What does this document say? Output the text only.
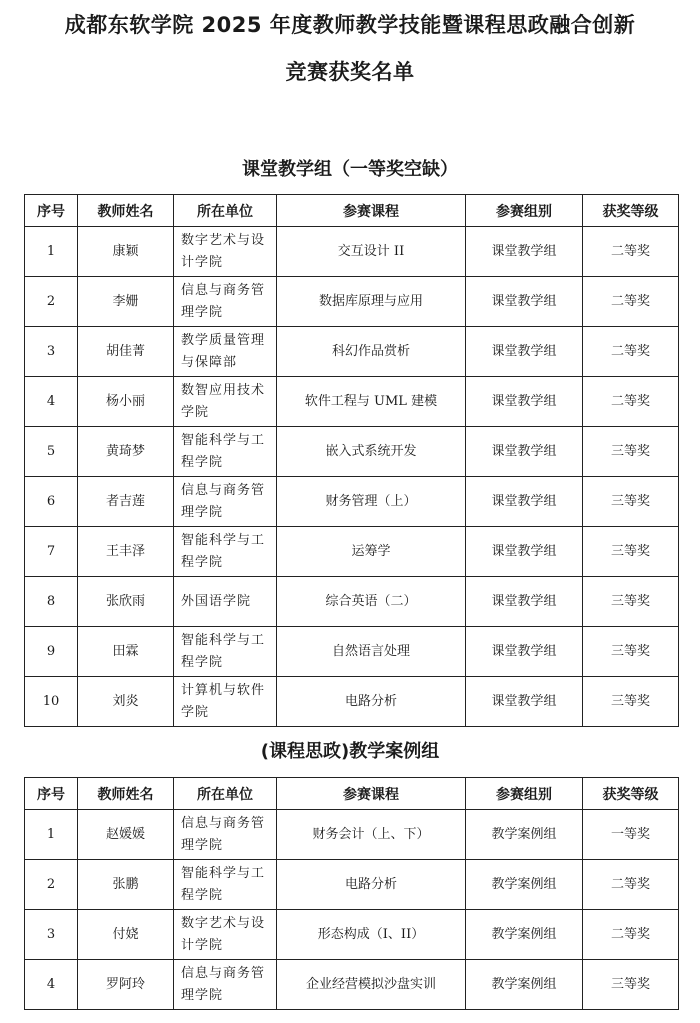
成都东软学院 2025 年度教师教学技能暨课程思政融合创新
竞赛获奖名单
课堂教学组（一等奖空缺）
序号	教师姓名	所在单位	参赛课程	参赛组别	获奖等级
1	康颖	数字艺术与设计学院	交互设计 II	课堂教学组	二等奖
2	李姗	信息与商务管理学院	数据库原理与应用	课堂教学组	二等奖
3	胡佳菁	教学质量管理与保障部	科幻作品赏析	课堂教学组	二等奖
4	杨小丽	数智应用技术学院	软件工程与 UML 建模	课堂教学组	二等奖
5	黄琦梦	智能科学与工程学院	嵌入式系统开发	课堂教学组	三等奖
6	者吉莲	信息与商务管理学院	财务管理（上）	课堂教学组	三等奖
7	王丰泽	智能科学与工程学院	运筹学	课堂教学组	三等奖
8	张欣雨	外国语学院	综合英语（二）	课堂教学组	三等奖
9	田霖	智能科学与工程学院	自然语言处理	课堂教学组	三等奖
10	刘炎	计算机与软件学院	电路分析	课堂教学组	三等奖
(课程思政)教学案例组
序号	教师姓名	所在单位	参赛课程	参赛组别	获奖等级
1	赵媛媛	信息与商务管理学院	财务会计（上、下）	教学案例组	一等奖
2	张鹏	智能科学与工程学院	电路分析	教学案例组	二等奖
3	付娆	数字艺术与设计学院	形态构成（I、II）	教学案例组	二等奖
4	罗阿玲	信息与商务管理学院	企业经营模拟沙盘实训	教学案例组	三等奖
